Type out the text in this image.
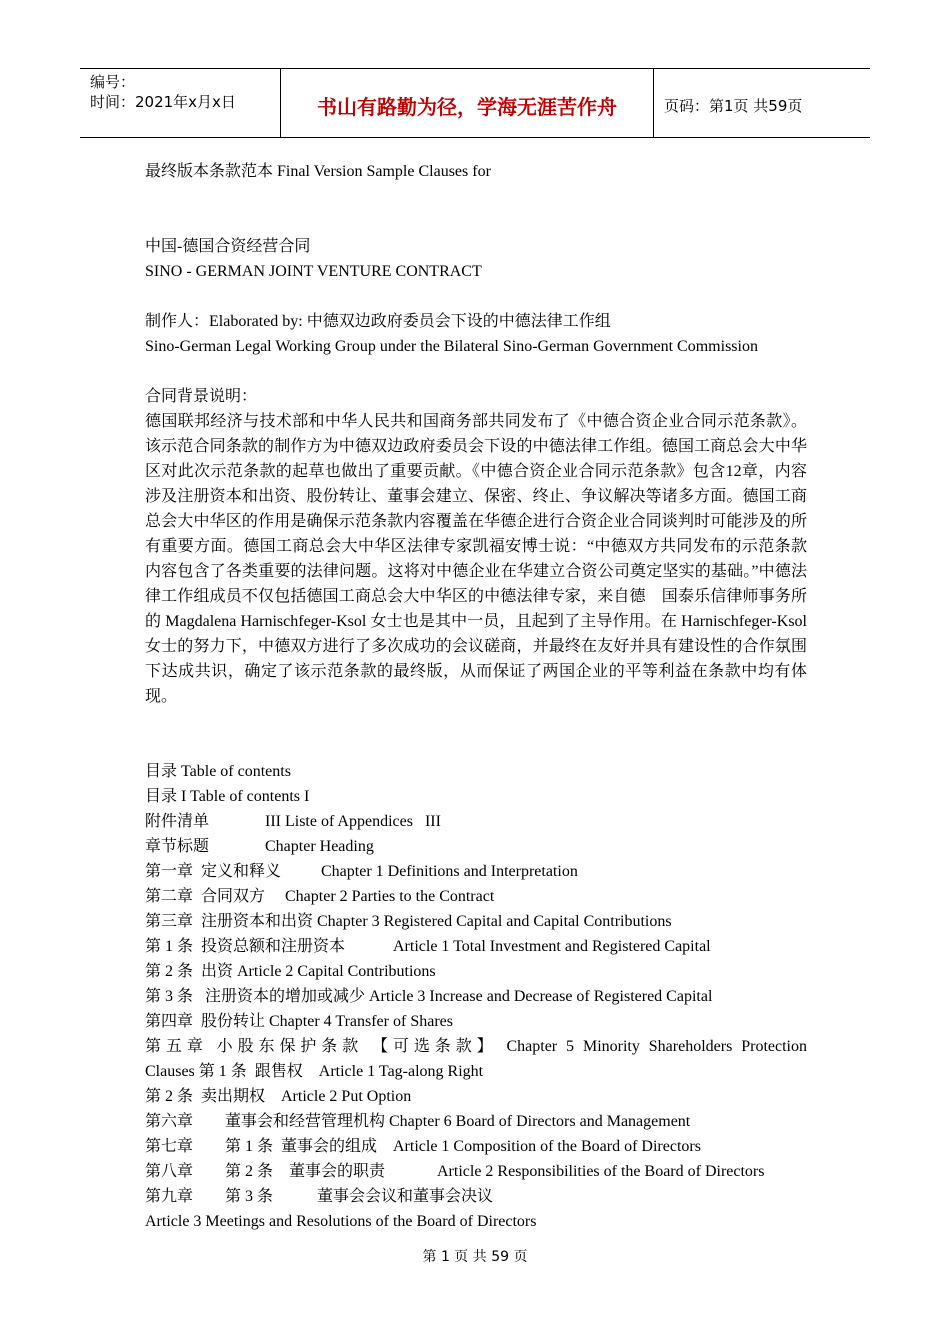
编号：
时间：2021年x月x日	书山有路勤为径，学海无涯苦作舟	页码：第1页 共59页

最终版本条款范本 Final Version Sample Clauses for

中国-德国合资经营合同

SINO - GERMAN JOINT VENTURE CONTRACT

制作人：Elaborated by: 中德双边政府委员会下设的中德法律工作组

Sino-German Legal Working Group under the Bilateral Sino-German Government Commission

合同背景说明：

德国联邦经济与技术部和中华人民共和国商务部共同发布了《中德合资企业合同示范条款》。该示范合同条款的制作方为中德双边政府委员会下设的中德法律工作组。德国工商总会大中华区对此次示范条款的起草也做出了重要贡献。《中德合资企业合同示范条款》包含12章，内容涉及注册资本和出资、股份转让、董事会建立、保密、终止、争议解决等诸多方面。德国工商总会大中华区的作用是确保示范条款内容覆盖在华德企进行合资企业合同谈判时可能涉及的所有重要方面。德国工商总会大中华区法律专家凯福安博士说：“中德双方共同发布的示范条款内容包含了各类重要的法律问题。这将对中德企业在华建立合资公司奠定坚实的基础。”中德法律工作组成员不仅包括德国工商总会大中华区的中德法律专家，来自德　国泰乐信律师事务所的 Magdalena Harnischfeger-Ksol 女士也是其中一员，且起到了主导作用。在 Harnischfeger-Ksol 女士的努力下，中德双方进行了多次成功的会议磋商，并最终在友好并具有建设性的合作氛围下达成共识，确定了该示范条款的最终版，从而保证了两国企业的平等利益在条款中均有体现。

目录 Table of contents

目录 I Table of contents I

附件清单              III Liste of Appendices   III

章节标题              Chapter Heading

第一章  定义和释义          Chapter 1 Definitions and Interpretation

第二章  合同双方     Chapter 2 Parties to the Contract

第三章  注册资本和出资 Chapter 3 Registered Capital and Capital Contributions

第 1 条  投资总额和注册资本            Article 1 Total Investment and Registered Capital

第 2 条  出资 Article 2 Capital Contributions

第 3 条   注册资本的增加或减少 Article 3 Increase and Decrease of Registered Capital

第四章  股份转让 Chapter 4 Transfer of Shares

第五章 小股东保护条款 【可选条款】 Chapter 5 Minority Shareholders Protection

Clauses 第 1 条  跟售权    Article 1 Tag-along Right

第 2 条  卖出期权    Article 2 Put Option

第六章        董事会和经营管理机构 Chapter 6 Board of Directors and Management

第七章        第 1 条  董事会的组成    Article 1 Composition of the Board of Directors

第八章        第 2 条    董事会的职责             Article 2 Responsibilities of the Board of Directors

第九章        第 3 条           董事会会议和董事会决议

Article 3 Meetings and Resolutions of the Board of Directors

第 1 页 共 59 页
